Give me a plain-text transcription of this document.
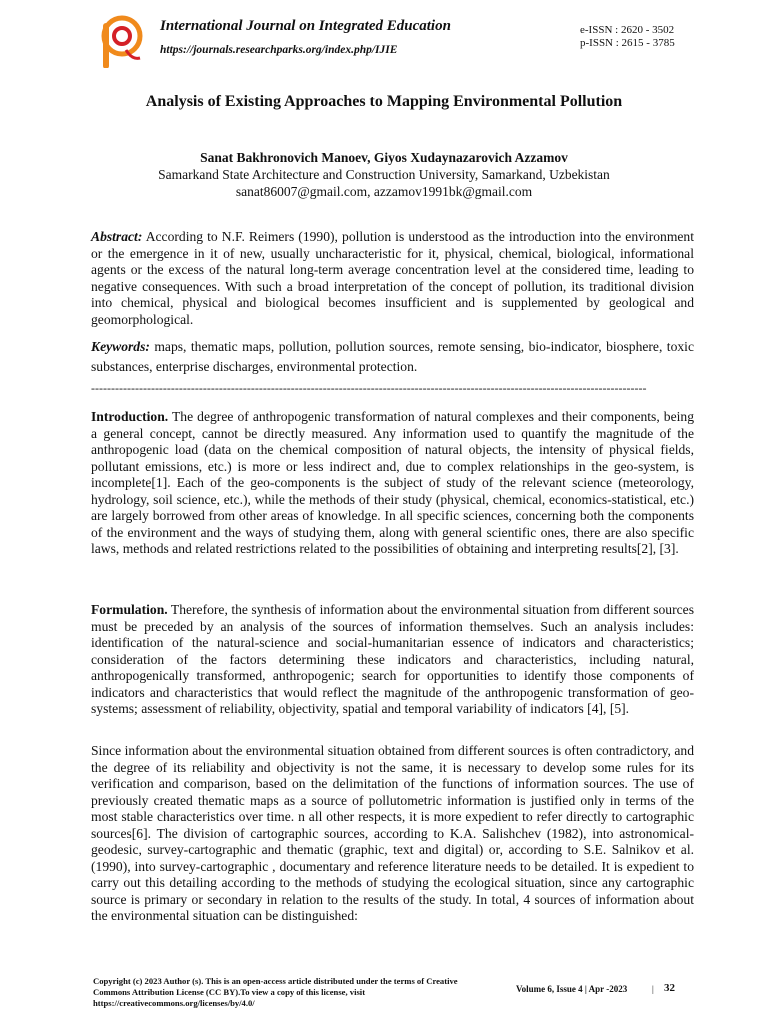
International Journal on Integrated Education
https://journals.researchparks.org/index.php/IJIE
e-ISSN : 2620 - 3502
p-ISSN : 2615 - 3785
Analysis of Existing Approaches to Mapping Environmental Pollution
Sanat Bakhronovich Manoev, Giyos Xudaynazarovich Azzamov
Samarkand State Architecture and Construction University, Samarkand, Uzbekistan
sanat86007@gmail.com, azzamov1991bk@gmail.com

Abstract: According to N.F. Reimers (1990), pollution is understood as the introduction into the environment or the emergence in it of new, usually uncharacteristic for it, physical, chemical, biological, informational agents or the excess of the natural long-term average concentration level at the considered time, leading to negative consequences. With such a broad interpretation of the concept of pollution, its traditional division into chemical, physical and biological becomes insufficient and is supplemented by geological and geomorphological.

Keywords: maps, thematic maps, pollution, pollution sources, remote sensing, bio-indicator, biosphere, toxic substances, enterprise discharges, environmental protection.

-------------------------------------------------------------------------------------------------------------------------------------------

Introduction. The degree of anthropogenic transformation of natural complexes and their components, being a general concept, cannot be directly measured. Any information used to quantify the magnitude of the anthropogenic load (data on the chemical composition of natural objects, the intensity of physical fields, pollutant emissions, etc.) is more or less indirect and, due to complex relationships in the geo-system, is incomplete[1]. Each of the geo-components is the subject of study of the relevant science (meteorology, hydrology, soil science, etc.), while the methods of their study (physical, chemical, economics-statistical, etc.) are largely borrowed from other areas of knowledge. In all specific sciences, concerning both the components of the environment and the ways of studying them, along with general scientific ones, there are also specific laws, methods and related restrictions related to the possibilities of obtaining and interpreting results[2], [3].

Formulation. Therefore, the synthesis of information about the environmental situation from different sources must be preceded by an analysis of the sources of information themselves. Such an analysis includes: identification of the natural-science and social-humanitarian essence of indicators and characteristics; consideration of the factors determining these indicators and characteristics, including natural, anthropogenically transformed, anthropogenic; search for opportunities to identify those components of indicators and characteristics that would reflect the magnitude of the anthropogenic transformation of geo-systems; assessment of reliability, objectivity, spatial and temporal variability of indicators [4], [5].

Since information about the environmental situation obtained from different sources is often contradictory, and the degree of its reliability and objectivity is not the same, it is necessary to develop some rules for its verification and comparison, based on the delimitation of the functions of information sources. The use of previously created thematic maps as a source of pollutometric information is justified only in terms of the most stable characteristics over time. n all other respects, it is more expedient to refer directly to cartographic sources[6]. The division of cartographic sources, according to K.A. Salishchev (1982), into astronomical-geodesic, survey-cartographic and thematic (graphic, text and digital) or, according to S.E. Salnikov et al. (1990), into survey-cartographic , documentary and reference literature needs to be detailed. It is expedient to carry out this detailing according to the methods of studying the ecological situation, since any cartographic source is primary or secondary in relation to the results of the study. In total, 4 sources of information about the environmental situation can be distinguished:

Copyright (c) 2023 Author (s). This is an open-access article distributed under the terms of Creative Commons Attribution License (CC BY).To view a copy of this license, visit https://creativecommons.org/licenses/by/4.0/
Volume 6, Issue 4 | Apr -2023	| 32
